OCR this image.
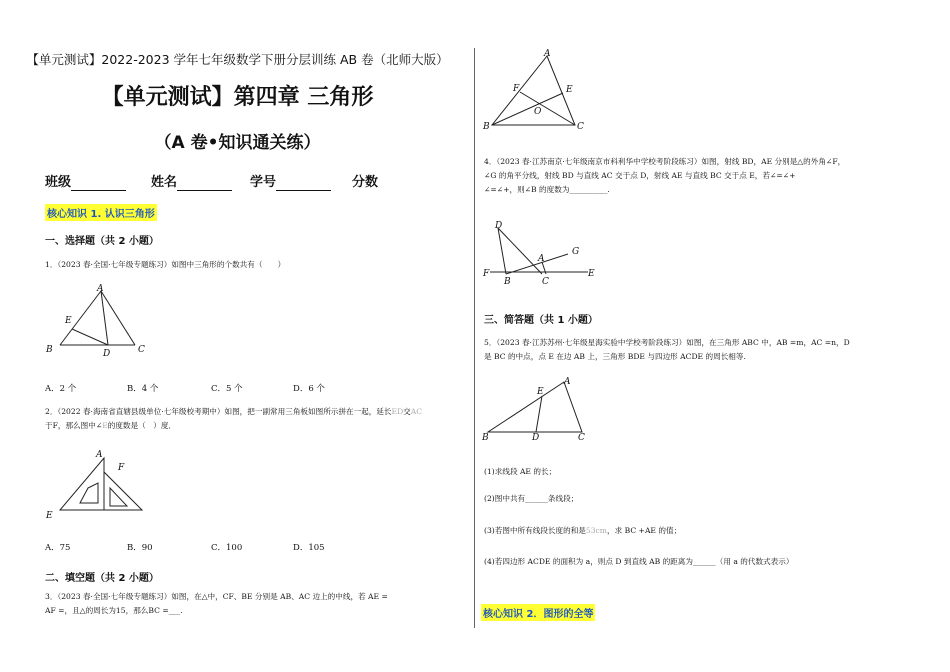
【单元测试】2022-2023 学年七年级数学下册分层训练 AB 卷（北师大版）
【单元测试】第四章 三角形
（A 卷•知识通关练）
班级	姓名	学号	分数
核心知识 1. 认识三角形
一、选择题（共 2 小题）
1．（2023 春·全国·七年级专题练习）如图中三角形的个数共有（　　）
A
B	C
D
E
A．2 个	B．4 个	C．5 个	D．6 个
2．（2022 春·海南省直辖县级单位·七年级校考期中）如图，把一副常用三角板如图所示拼在一起，延长ED交AC
于F，那么图中∠E的度数是（　）度．
A
F
E
A．75	B．90	C．100	D．105
二、填空题（共 2 小题）
3．（2023 春·全国·七年级专题练习）如图，在△中，CF、BE 分别是 AB、AC 边上的中线，若 AE =
AF =，且△的周长为15，那么BC =___.
A
F	E
O
B	C
4．（2023 春·江苏南京·七年级南京市科利华中学校考阶段练习）如图，射线 BD，AE 分别是△的外角∠F，
∠G 的角平分线，射线 BD 与直线 AC 交于点 D，射线 AE 与直线 BC 交于点 E，若∠=∠+
∠=∠+，则∠B 的度数为__________.
D
G
A
F
B	C
E
三、简答题（共 1 小题）
5．（2023 春·江苏苏州·七年级星海实验中学校考阶段练习）如图，在三角形 ABC 中，AB =m，AC =n，D
是 BC 的中点，点 E 在边 AB 上，三角形 BDE 与四边形 ACDE 的周长相等.
E
A
B	D	C
(1)求线段 AE 的长；
(2)图中共有______条线段；
(3)若图中所有线段长度的和是53cm，求 BC +AE 的值；
(4)若四边形 ACDE 的面积为 a，则点 D 到直线 AB 的距离为______（用 a 的代数式表示）
核心知识 2．图形的全等
